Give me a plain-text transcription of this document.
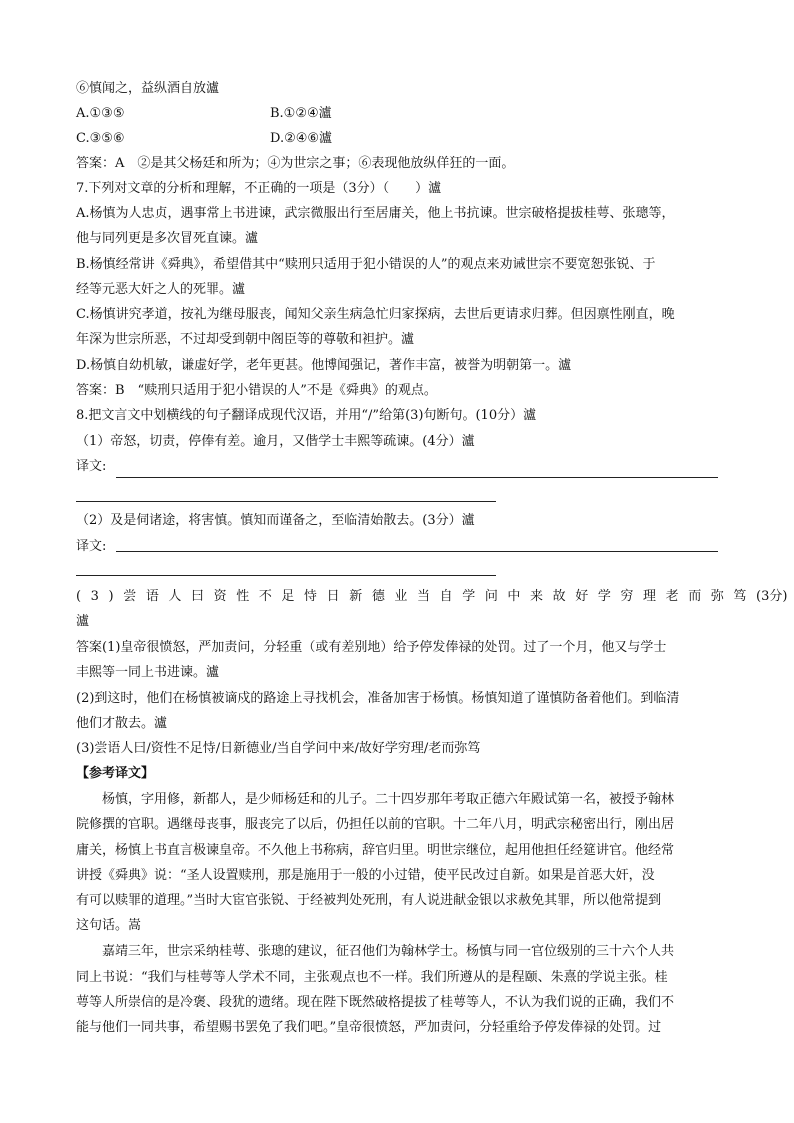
⑥慎闻之，益纵酒自放瀘
A.①③⑤	B.①②④瀘
C.③⑤⑥	D.②④⑥瀘
答案：A　②是其父杨廷和所为；④为世宗之事；⑥表现他放纵佯狂的一面。
7.下列对文章的分析和理解，不正确的一项是（3分）（　　）瀘
A.杨慎为人忠贞，遇事常上书进谏，武宗微服出行至居庸关，他上书抗谏。世宗破格提拔桂萼、张璁等，
他与同列更是多次冒死直谏。瀘
B.杨慎经常讲《舜典》，希望借其中“赎刑只适用于犯小错误的人”的观点来劝诫世宗不要宽恕张锐、于
经等元恶大奸之人的死罪。瀘
C.杨慎讲究孝道，按礼为继母服丧，闻知父亲生病急忙归家探病，去世后更请求归葬。但因禀性刚直，晚
年深为世宗所恶，不过却受到朝中阁臣等的尊敬和袒护。瀘
D.杨慎自幼机敏，谦虚好学，老年更甚。他博闻强记，著作丰富，被誉为明朝第一。瀘
答案：B　“赎刑只适用于犯小错误的人”不是《舜典》的观点。
8.把文言文中划横线的句子翻译成现代汉语，并用“/”给第(3)句断句。(10分）瀘
（1）帝怒，切责，停俸有差。逾月，又偕学士丰熙等疏谏。(4分）瀘
译文:
（2）及是伺诸途，将害慎。慎知而谨备之，至临清始散去。(3分）瀘
译文:
(3)尝语人曰资性不足恃日新德业当自学问中来故好学穷理老而弥笃(3分)
瀘
答案(1)皇帝很愤怒，严加责问，分轻重（或有差别地）给予停发俸禄的处罚。过了一个月，他又与学士
丰熙等一同上书进谏。瀘
(2)到这时，他们在杨慎被谪戍的路途上寻找机会，准备加害于杨慎。杨慎知道了谨慎防备着他们。到临清
他们才散去。瀘
(3)尝语人曰/资性不足恃/日新德业/当自学问中来/故好学穷理/老而弥笃
【参考译文】
杨慎，字用修，新都人，是少师杨廷和的儿子。二十四岁那年考取正德六年殿试第一名，被授予翰林
院修撰的官职。遇继母丧事，服丧完了以后，仍担任以前的官职。十二年八月，明武宗秘密出行，刚出居
庸关，杨慎上书直言极谏皇帝。不久他上书称病，辞官归里。明世宗继位，起用他担任经筵讲官。他经常
讲授《舜典》说：“圣人设置赎刑，那是施用于一般的小过错，使平民改过自新。如果是首恶大奸，没
有可以赎罪的道理。”当时大宦官张锐、于经被判处死刑，有人说进献金银以求赦免其罪，所以他常提到
这句话。嵩
嘉靖三年，世宗采纳桂萼、张璁的建议，征召他们为翰林学士。杨慎与同一官位级别的三十六个人共
同上书说：“我们与桂萼等人学术不同，主张观点也不一样。我们所遵从的是程颐、朱熹的学说主张。桂
萼等人所崇信的是冷褒、段犹的遗绪。现在陛下既然破格提拔了桂萼等人，不认为我们说的正确，我们不
能与他们一同共事，希望赐书罢免了我们吧。”皇帝很愤怒，严加责问，分轻重给予停发俸禄的处罚。过
